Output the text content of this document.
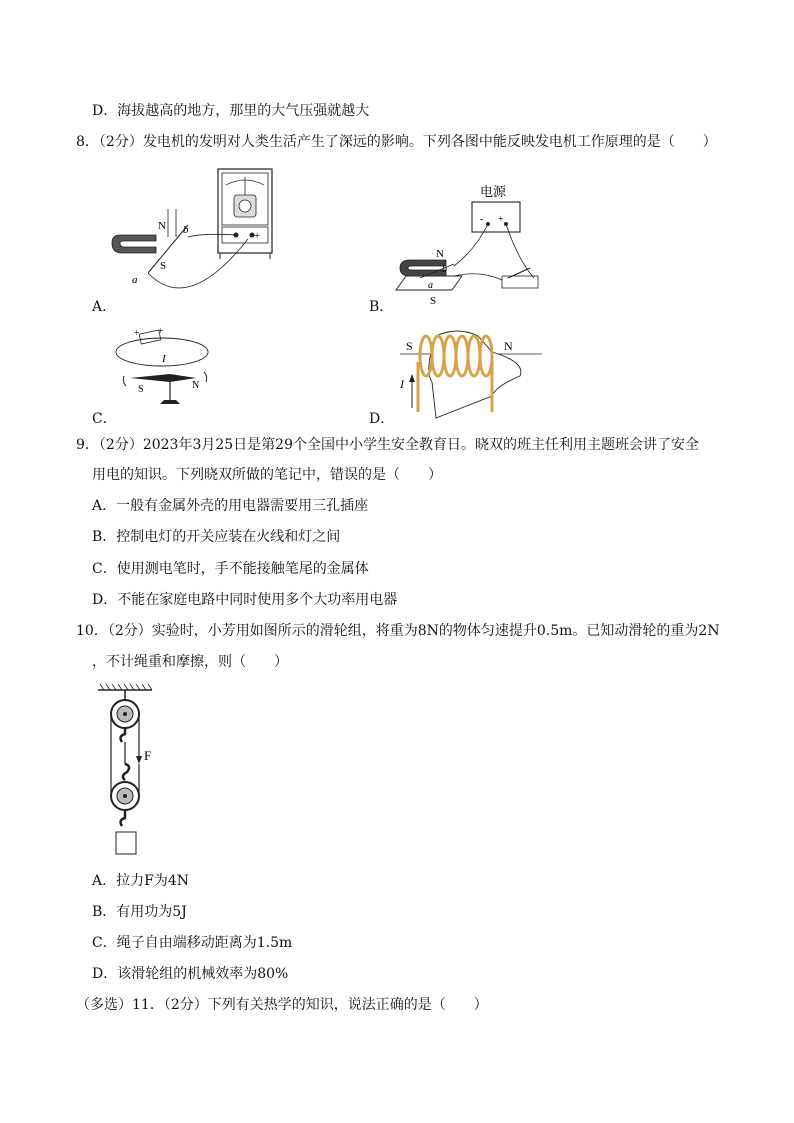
D．海拔越高的地方，那里的大气压强就越大
8．（2分）发电机的发明对人类生活产生了深远的影响。下列各图中能反映发电机工作原理的是（　　）
+
N
S
b
a
A．
电源
- +
N
S
b
a
B．
+ +
I
S	N
C．
S	N
I
D．
9．（2分）2023年3月25日是第29个全国中小学生安全教育日。晓双的班主任利用主题班会讲了安全
用电的知识。下列晓双所做的笔记中，错误的是（　　）
A．一般有金属外壳的用电器需要用三孔插座
B．控制电灯的开关应装在火线和灯之间
C．使用测电笔时，手不能接触笔尾的金属体
D．不能在家庭电路中同时使用多个大功率用电器
10．（2分）实验时，小芳用如图所示的滑轮组，将重为8N的物体匀速提升0.5m。已知动滑轮的重为2N
，不计绳重和摩擦，则（　　）
F
A．拉力F为4N
B．有用功为5J
C．绳子自由端移动距离为1.5m
D．该滑轮组的机械效率为80%
（多选）11．（2分）下列有关热学的知识，说法正确的是（　　）
